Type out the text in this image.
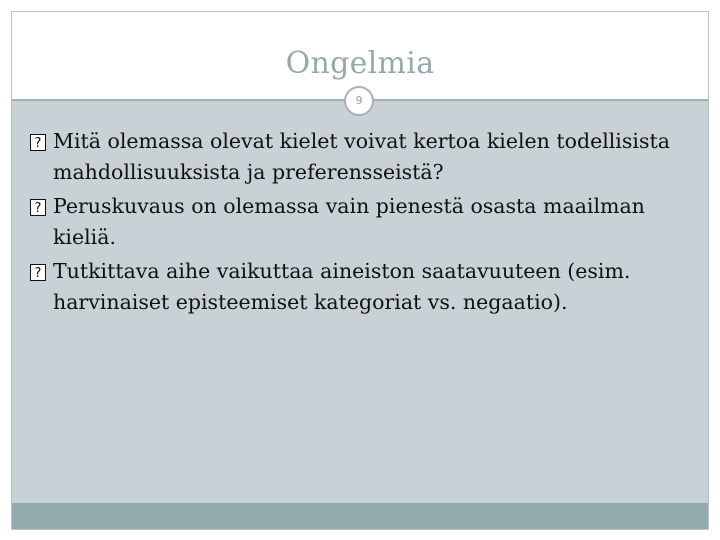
Ongelmia
9
?
Mitä olemassa olevat kielet voivat kertoa kielen todellisista mahdollisuuksista ja preferensseistä?
?
Peruskuvaus on olemassa vain pienestä osasta maailman kieliä.
?
Tutkittava aihe vaikuttaa aineiston saatavuuteen (esim. harvinaiset episteemiset kategoriat vs. negaatio).
